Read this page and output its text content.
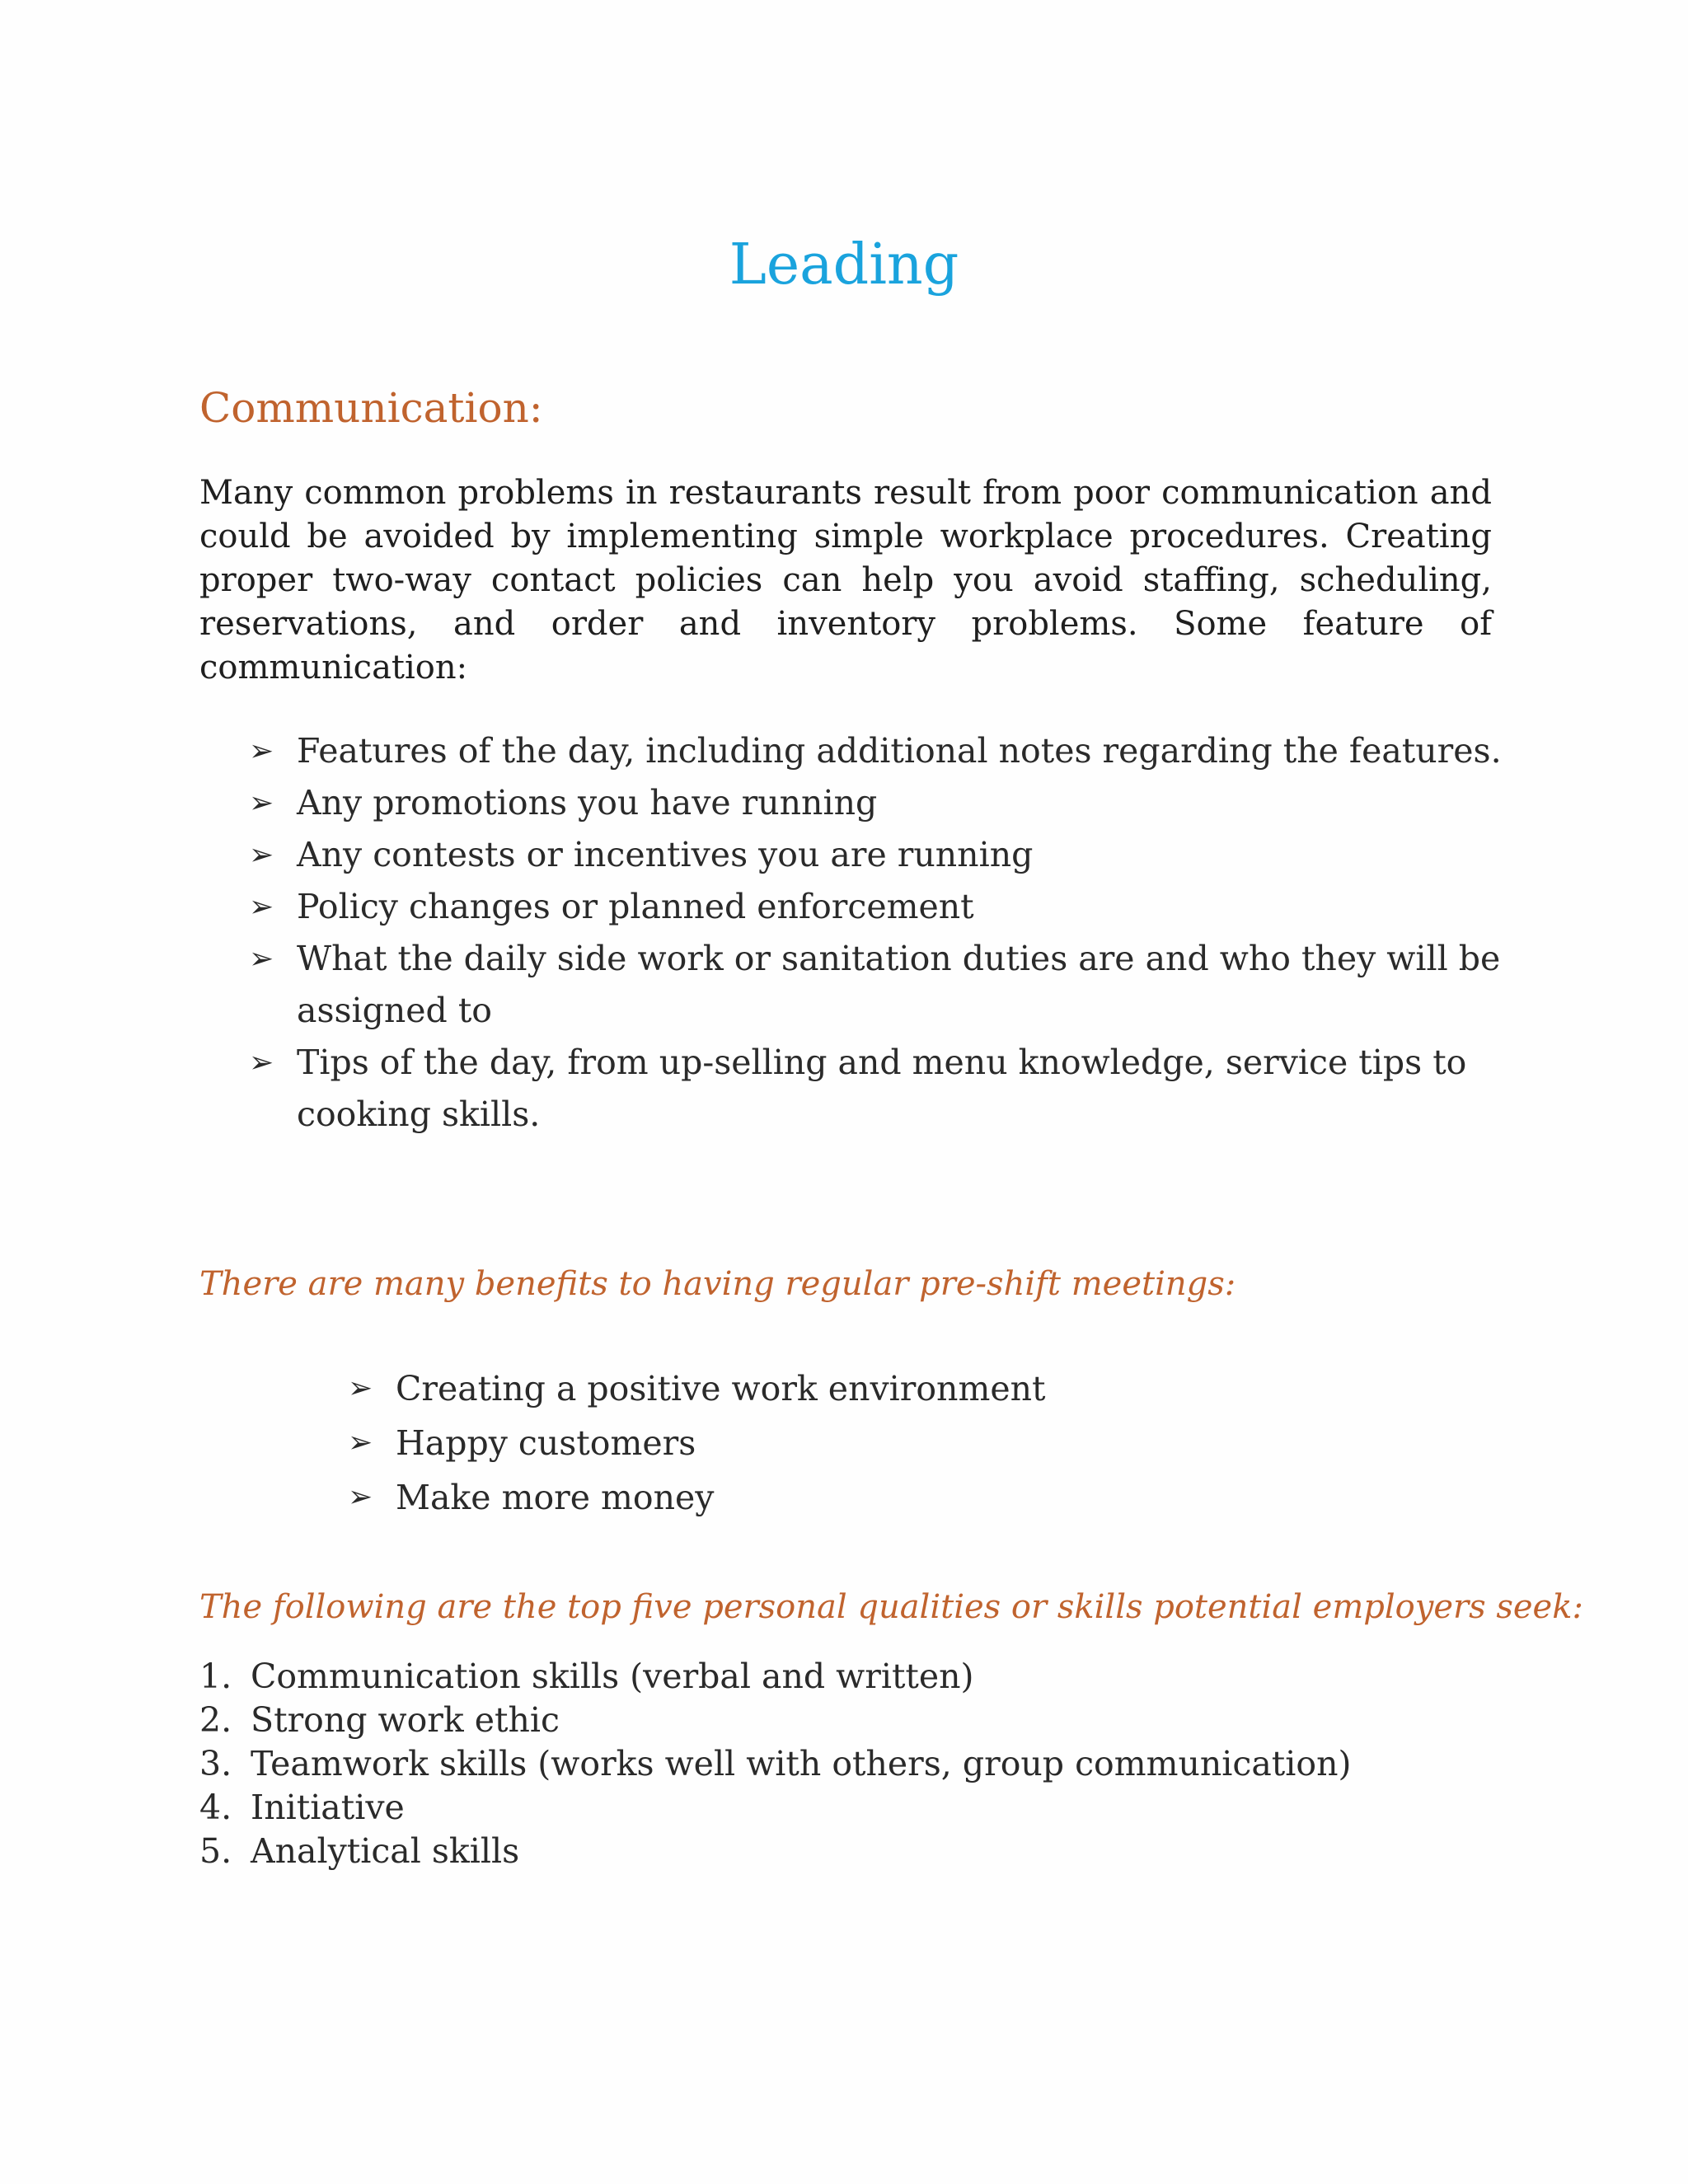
Leading
Communication:

Many common problems in restaurants result from poor communication and could be avoided by implementing simple workplace procedures. Creating proper two-way contact policies can help you avoid staffing, scheduling, reservations, and order and inventory problems. Some feature of communication:

➢ Features of the day, including additional notes regarding the features.
➢ Any promotions you have running
➢ Any contests or incentives you are running
➢ Policy changes or planned enforcement
➢ What the daily side work or sanitation duties are and who they will be assigned to
➢ Tips of the day, from up-selling and menu knowledge, service tips to cooking skills.
There are many benefits to having regular pre-shift meetings:
➢ Creating a positive work environment
➢ Happy customers
➢ Make more money
The following are the top five personal qualities or skills potential employers seek:
1. Communication skills (verbal and written)
2. Strong work ethic
3. Teamwork skills (works well with others, group communication)
4. Initiative
5. Analytical skills
